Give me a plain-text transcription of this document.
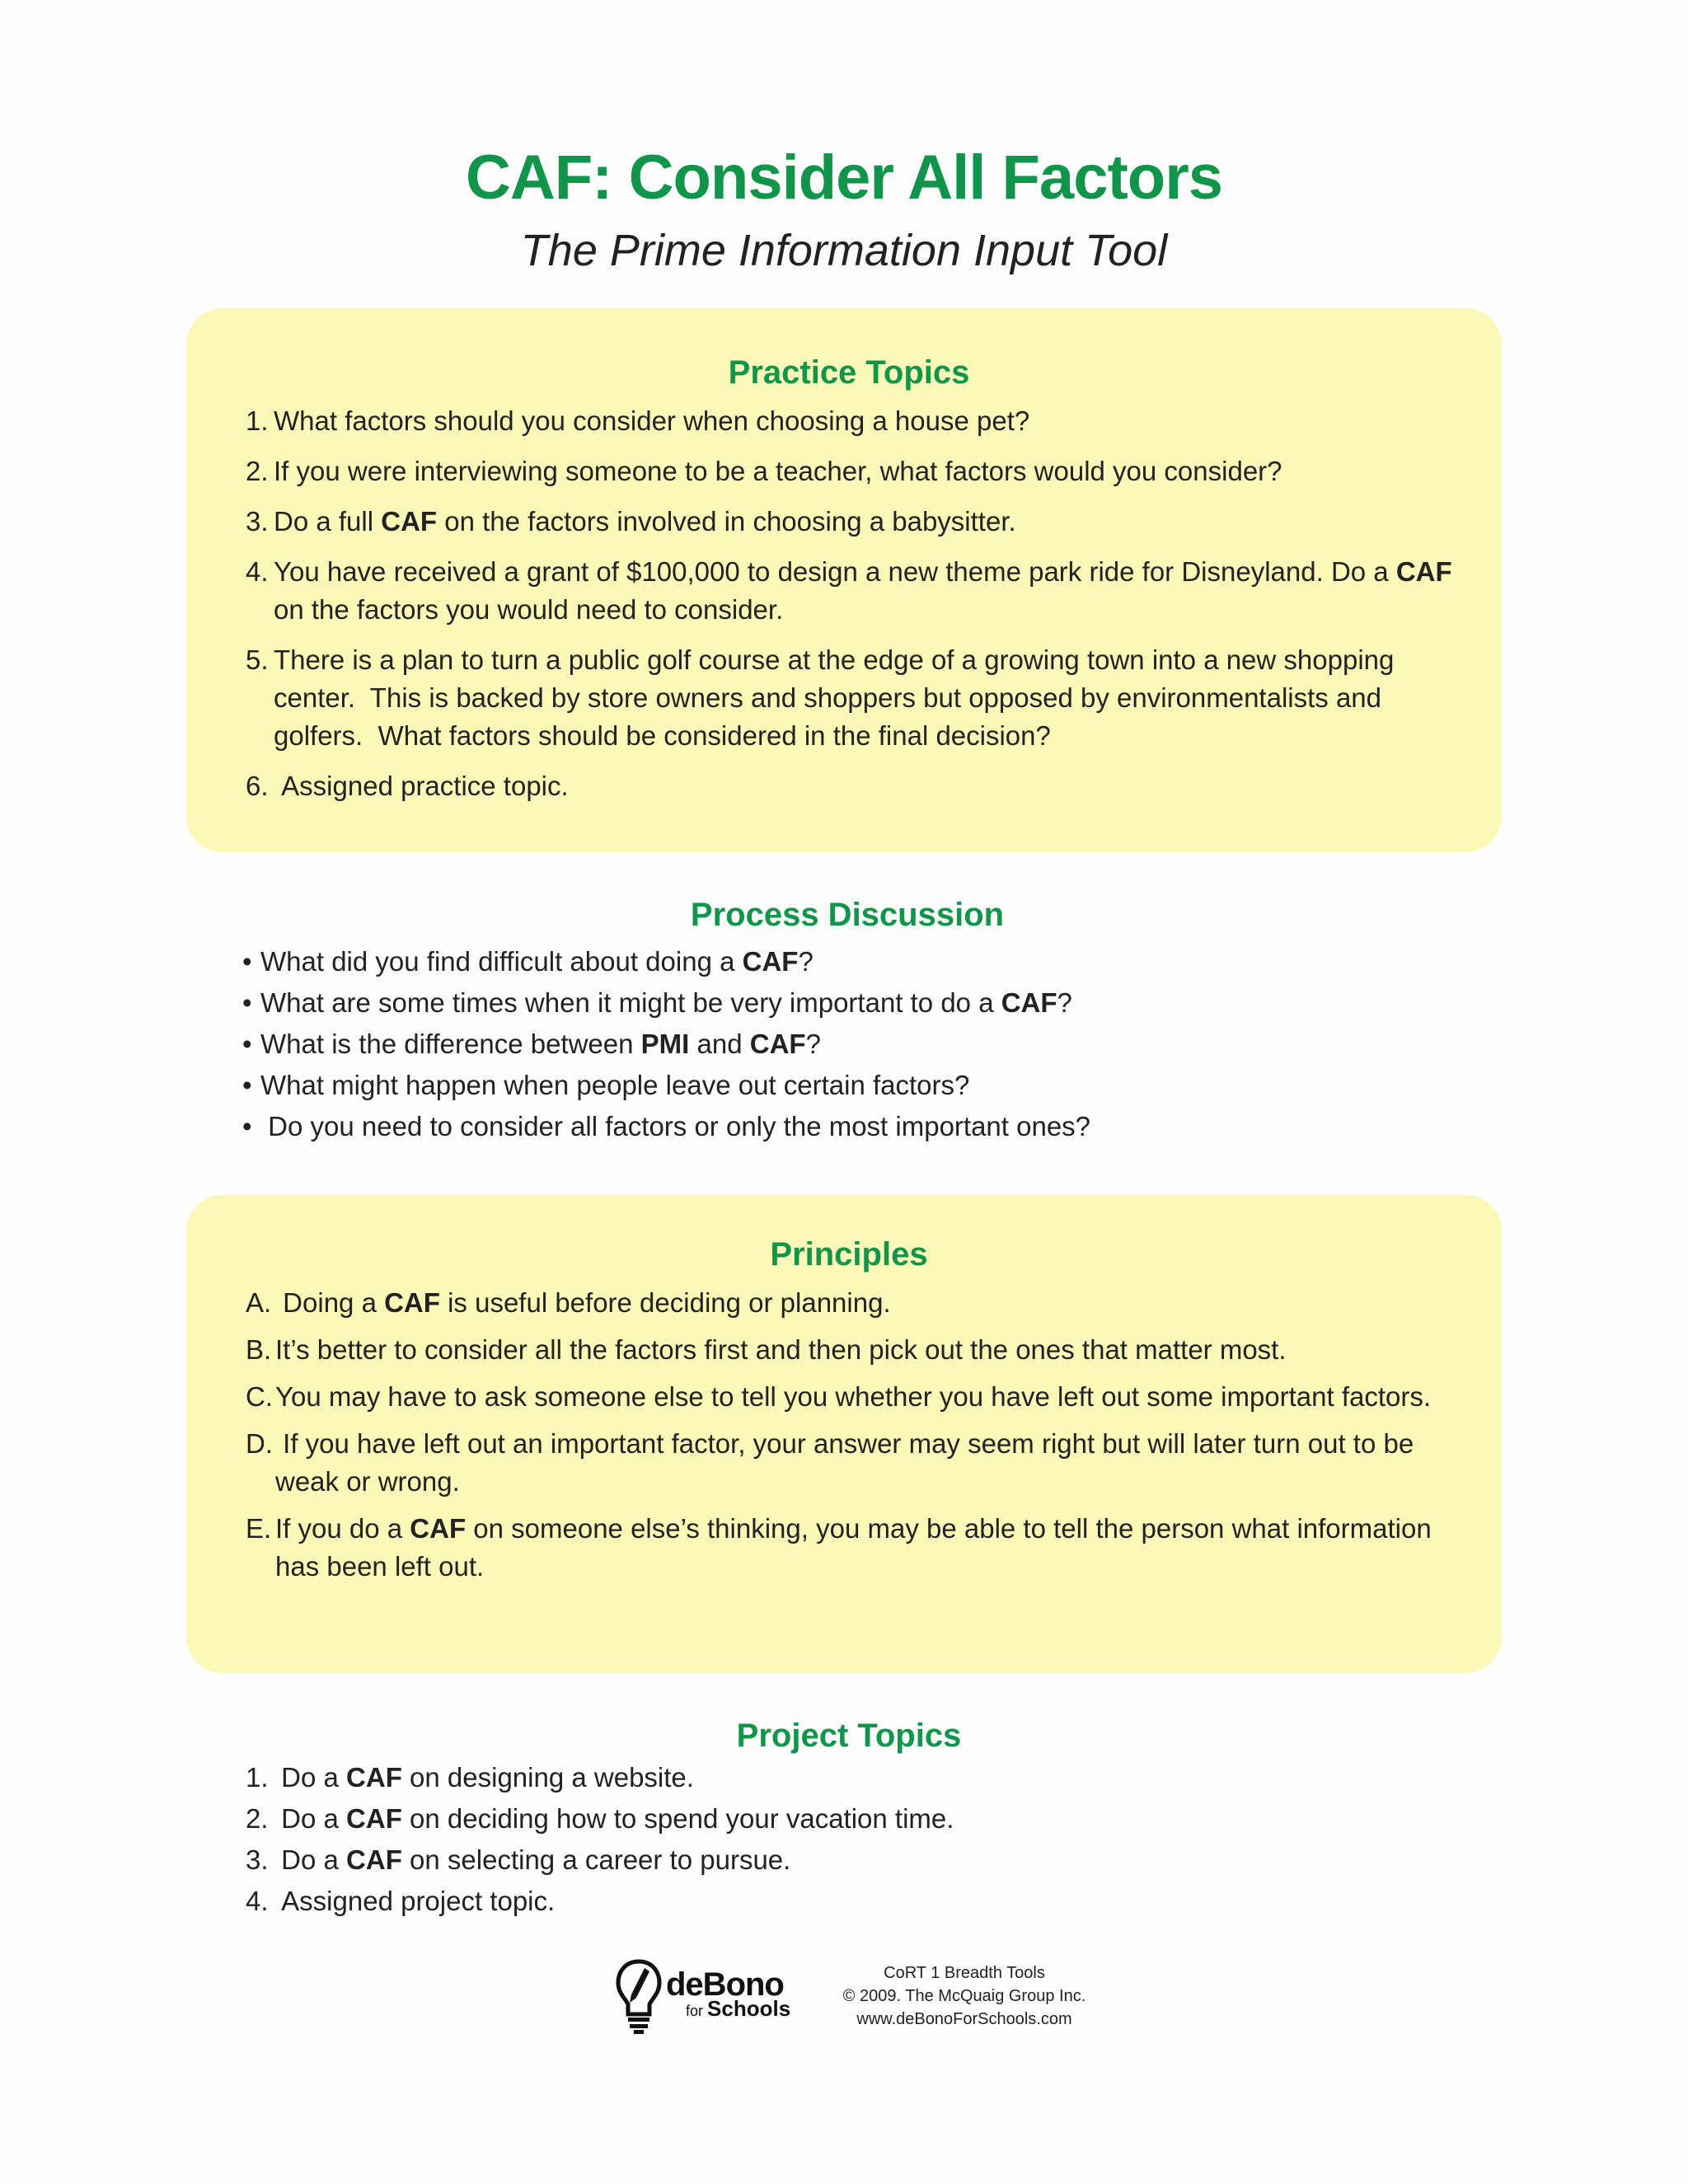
CAF: Consider All Factors
The Prime Information Input Tool
Practice Topics
1. What factors should you consider when choosing a house pet?
2. If you were interviewing someone to be a teacher, what factors would you consider?
3. Do a full CAF on the factors involved in choosing a babysitter.
4. You have received a grant of $100,000 to design a new theme park ride for Disneyland. Do a CAF on the factors you would need to consider.
5. There is a plan to turn a public golf course at the edge of a growing town into a new shopping center.  This is backed by store owners and shoppers but opposed by environmentalists and golfers.  What factors should be considered in the final decision?
6. Assigned practice topic.
Process Discussion
• What did you find difficult about doing a CAF?
• What are some times when it might be very important to do a CAF?
• What is the difference between PMI and CAF?
• What might happen when people leave out certain factors?
• Do you need to consider all factors or only the most important ones?
Principles
A. Doing a CAF is useful before deciding or planning.
B. It’s better to consider all the factors first and then pick out the ones that matter most.
C. You may have to ask someone else to tell you whether you have left out some important factors.
D. If you have left out an important factor, your answer may seem right but will later turn out to be weak or wrong.
E. If you do a CAF on someone else’s thinking, you may be able to tell the person what information has been left out.
Project Topics
1. Do a CAF on designing a website.
2. Do a CAF on deciding how to spend your vacation time.
3. Do a CAF on selecting a career to pursue.
4. Assigned project topic.
deBono
for Schools
CoRT 1 Breadth Tools
© 2009. The McQuaig Group Inc.
www.deBonoForSchools.com
